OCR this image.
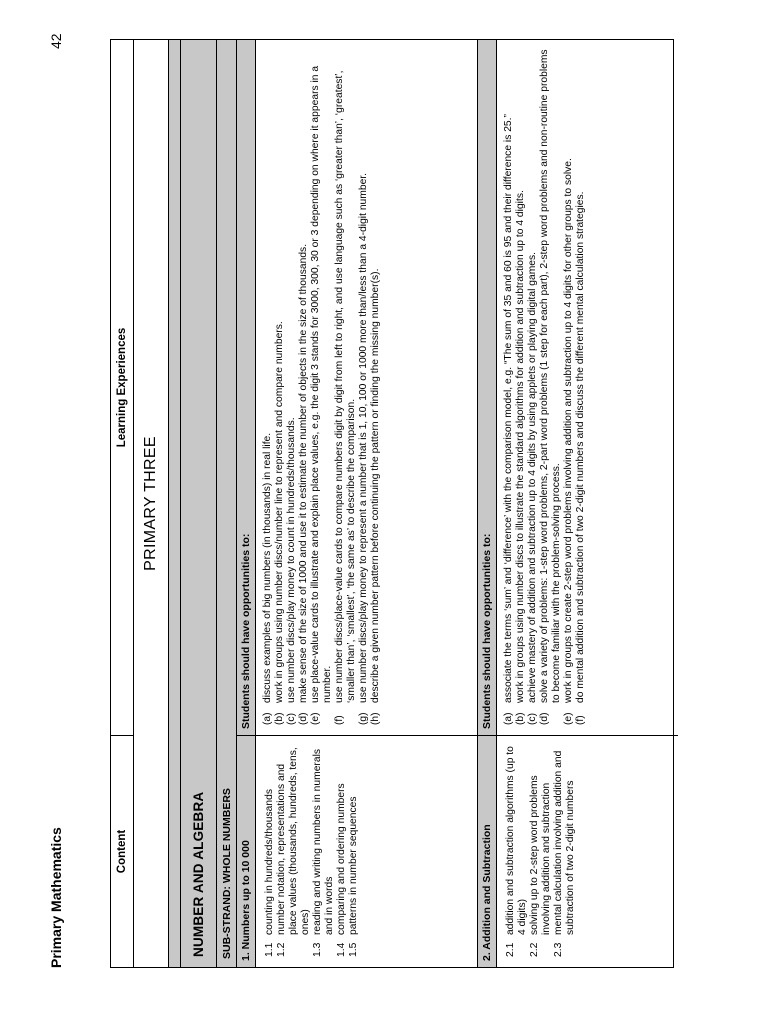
Primary Mathematics
42
Content
Learning Experiences
PRIMARY THREE
NUMBER AND ALGEBRA	SUB-STRAND: WHOLE NUMBERS 1. Numbers up to 10 000
Students should have opportunities to:
1.1
counting in hundreds/thousands
1.2
number notation, representations and place values (thousands, hundreds, tens, ones)
1.3
reading and writing numbers in numerals and in words
1.4
comparing and ordering numbers
1.5
patterns in number sequences
(a)
discuss examples of big numbers (in thousands) in real life.
(b)
work in groups using number discs/number line to represent and compare numbers.
(c)
use number discs/play money to count in hundreds/thousands.
(d)
make sense of the size of 1000 and use it to estimate the number of objects in the size of thousands.
(e)
use place-value cards to illustrate and explain place values, e.g. the digit 3 stands for 3000, 300, 30 or 3 depending on where it appears in a number.
(f)
use number discs/place-value cards to compare numbers digit by digit from left to right, and use language such as ‘greater than’, ‘greatest’, ‘smaller than’, ‘smallest’, ‘the same as’ to describe the comparison.
(g)
use number discs/play money to represent a number that is 1, 10, 100 or 1000 more than/less than a 4-digit number.
(h)
describe a given number pattern before continuing the pattern or finding the missing number(s).
2. Addition and Subtraction
Students should have opportunities to:
2.1
addition and subtraction algorithms (up to 4 digits)
2.2
solving up to 2-step word problems involving addition and subtraction
2.3
mental calculation involving addition and subtraction of two 2-digit numbers
(a)
associate the terms ‘sum’ and ‘difference’ with the comparison model, e.g. “The sum of 35 and 60 is 95 and their difference is 25.”
(b)
work in groups using number discs to illustrate the standard algorithms for addition and subtraction up to 4 digits.
(c)
achieve mastery of addition and subtraction up to 4 digits by using applets or playing digital games.
(d)
solve a variety of problems: 1-step word problems, 2-part word problems (1 step for each part), 2-step word problems and non-routine problems to become familiar with the problem-solving process.
(e)
work in groups to create 2-step word problems involving addition and subtraction up to 4 digits for other groups to solve.
(f)
do mental addition and subtraction of two 2-digit numbers and discuss the different mental calculation strategies.
